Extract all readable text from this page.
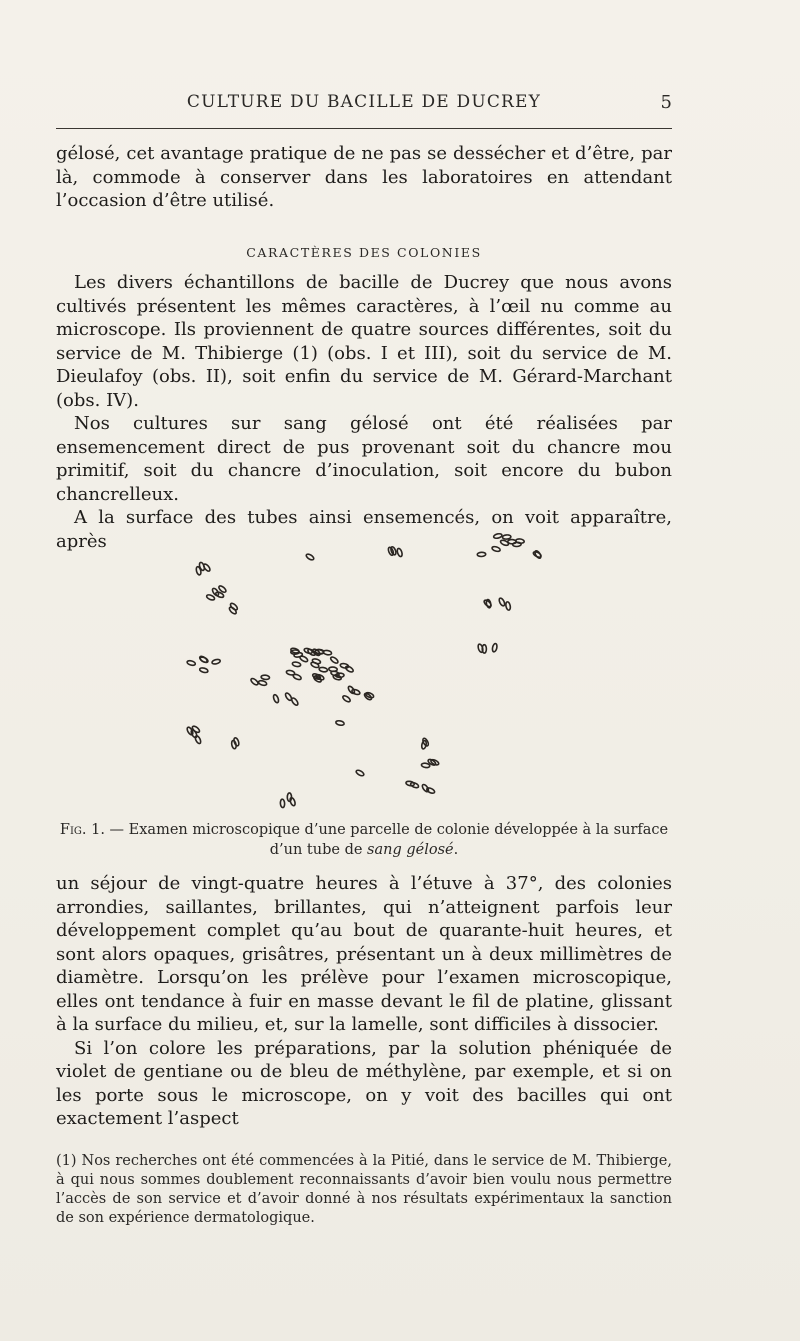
CULTURE DU BACILLE DE DUCREY	5

gélosé, cet avantage pratique de ne pas se dessécher et d’être, par là, commode à conserver dans les laboratoires en attendant l’occasion d’être utilisé.

CARACTÈRES DES COLONIES

Les divers échantillons de bacille de Ducrey que nous avons cultivés présentent les mêmes caractères, à l’œil nu comme au microscope. Ils proviennent de quatre sources différentes, soit du service de M. Thibierge (1) (obs. I et III), soit du service de M. Dieulafoy (obs. II), soit enfin du service de M. Gérard-Marchant (obs. IV).

Nos cultures sur sang gélosé ont été réalisées par ensemencement direct de pus provenant soit du chancre mou primitif, soit du chancre d’inoculation, soit encore du bubon chancrelleux.

A la surface des tubes ainsi ensemencés, on voit apparaître, après

Fig. 1. — Examen microscopique d’une parcelle de colonie développée à la surface d’un tube de sang gélosé.

un séjour de vingt-quatre heures à l’étuve à 37°, des colonies arrondies, saillantes, brillantes, qui n’atteignent parfois leur développement complet qu’au bout de quarante-huit heures, et sont alors opaques, grisâtres, présentant un à deux millimètres de diamètre. Lorsqu’on les prélève pour l’examen microscopique, elles ont tendance à fuir en masse devant le fil de platine, glissant à la surface du milieu, et, sur la lamelle, sont difficiles à dissocier.

Si l’on colore les préparations, par la solution phéniquée de violet de gentiane ou de bleu de méthylène, par exemple, et si on les porte sous le microscope, on y voit des bacilles qui ont exactement l’aspect

(1) Nos recherches ont été commencées à la Pitié, dans le service de M. Thibierge, à qui nous sommes doublement reconnaissants d’avoir bien voulu nous permettre l’accès de son service et d’avoir donné à nos résultats expérimentaux la sanction de son expérience dermatologique.
